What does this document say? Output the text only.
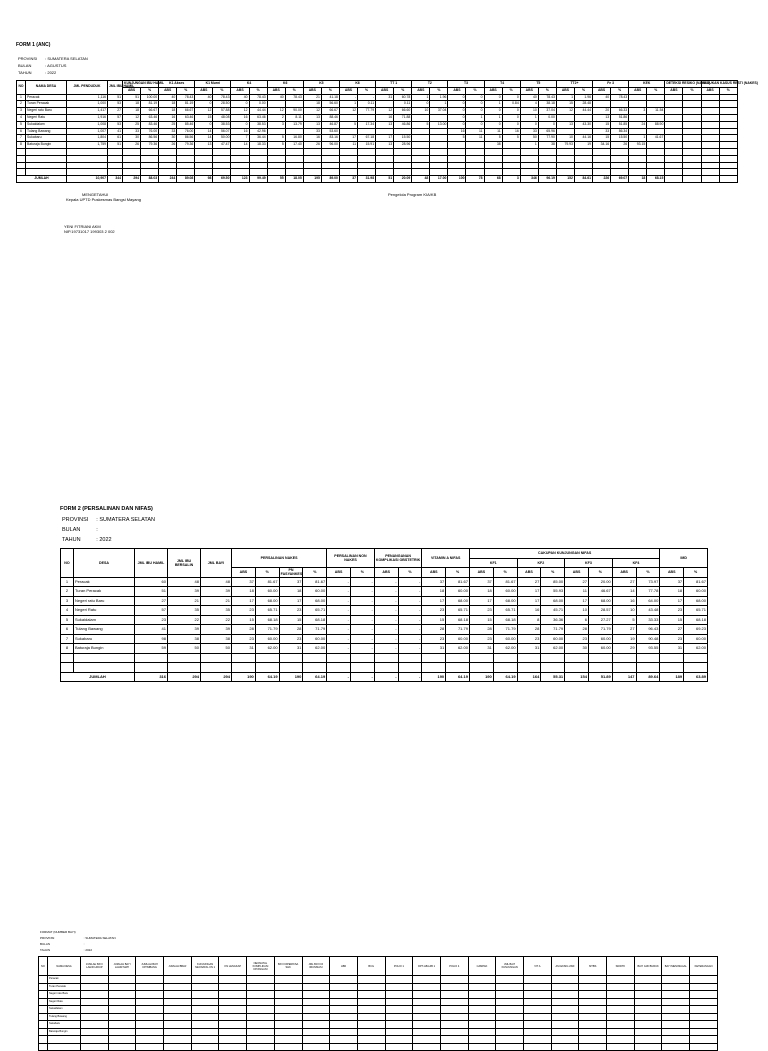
FORM 1 (ANC)
PROVINSI	: SUMATERA SELATAN
BULAN	: AGUSTUS
TAHUN	: 2022
NO	NAMA DESA	JML PENDUDUK	JML IBU HAMIL	KUNJUNGAN IBU HAMIL		K1 Akses		K1 Murni		K4		K6		K5		K6		TT 1		T2		T3		T4		T5		TT2+		Fe 3		KEK		DETEKSI RESIKO (NAKES)		RUJUKAN KASUS RESTI (NAKES)	
				ABS	%	ABS	%	ABS	%	ABS	%	ABS	%	ABS	%	ABS	%	ABS	%	ABS	%	ABS	%	ABS	%	ABS	%	ABS	%	ABS	%	ABS	%	ABS	%	ABS	%
1	Peracak	1,116	51	51	100.00	40	78.43	40	78.43	40	78.43	40	78.43	21	41.18	-	-	31	60.78	1	1.96	0	0	0	0	40	78.43	1	1.96	40	78.43						
2	Turan Peracak	1,000	53	18	81.19	18	81.19	0	28.50	0	0.00			18	56.60	1	0.11		0.11	0	1	0	0	1	0.84	4	38.18	15	28.48								
3	Negeri ratu Baru	1,417	27	18	66.67	18	66.67	12	57.88	12	44.44	12	90.00	12	66.67	12	77.79	12	66.60	10	37.04	0	0	0	0	10	37.04	12	44.44	20	66.33	3	11.54				
4	Negeri Ratu	1,916	57	12	63.46	16	63.46	15	48.08	16	63.46	2	8.11	13	88.46			16	71.88			0	1	1	0	1	0.00			13	51.86						
5	Sukaidalam	1,008	53	25	83.46	25	85.46	0	38.53	0	38.53	3	13.79	13	46.87	5	17.34	13	46.86	5	13.00	0	0	0	0	0	0	13	43.30	15	51.85	24	88.90				
6	Tulang Bawang	1,007	41	33	76.00	33	76.00	14	56.07	16	42.96			33	53.60							16	11	11	16	33	65.96			33	86.34						
7	Sukabaru	1,804	61	30	86.56	30	86.56	14	50.00	7	36.44	5	16.80	16	83.16	17	67.18	17	15.50			5	11	5	5	50	77.90	10	44.16	15	15.50	1	41.67				
8	Baturaja Bungin	1,759	51	26	79.36	26	79.36	13	47.47	14	18.33	5	17.40	26	96.00	11	15.91	13	28.96					38		1	38	79.93	19	34.16	26	93.15					

JUMLAH		10,907	344	294	88.03	244	89.08	98	69.50	123	99.49	55	18.05	195	89.00	37	31.98	51	20.09	48	17.00	100	78	68	3	346	96.19	152	84.61	226	69.07	18	68.15				
MENGETAHUI
Kepala UPTD Puskesmas Bangsi Mayang
Pengelola Program KIA/KB
YENI FITRIANI AKM
NIP.19731017 199303 2 002
FORM 2 (PERSALINAN DAN NIFAS)
PROVINSI	: SUMATERA SELATAN
BULAN	:
TAHUN	: 2022
NO	DESA	JML IBU HAMIL	JML IBU BERSALIN	JML BAYI	PERSALINAN NAKES				PERSALINAN NON NAKES		PENANGANAN KOMPLIKASI OBSTETRIK		VITAMIN A NIFAS		CAKUPAN KUNJUNGAN NIFAS								IMD	
															KF1		KF2		KF3		KF4			
					ABS	%	PN FASYANKES	%	ABS	%	ABS	%	ABS	%	ABS	%	ABS	%	ABS	%	ABS	%	ABS	%
1	Peracak	60	48	48	37	81.67	37	81.67	-	-	-	-	37	81.67	37	81.67	27	85.00	27	20.00	27	73.97	37	81.67
2	Turan Peracak	51	39	39	18	60.00	18	60.00	-	-	-	-	18	60.00	18	60.00	17	55.93	11	46.67	14	77.78	18	60.00
3	Negeri ratu Baru	27	21	21	17	68.00	17	68.00	-	-	-	-	17	68.00	17	68.00	17	68.00	17	68.00	16	64.00	17	68.00
4	Negeri Ratu	57	35	35	23	65.71	23	65.71	-	-	-	-	23	65.71	23	65.71	16	45.71	10	28.57	10	43.48	23	65.71
5	Sukaidalam	23	22	22	15	68.18	15	68.18	-	-	-	-	15	68.18	15	68.18	8	36.36	6	27.27	5	33.33	15	68.18
6	Tulang Bawang	41	39	39	28	71.79	28	71.79	-	-	-	-	28	71.79	28	71.79	28	71.79	28	71.79	27	96.43	27	69.23
7	Sukabaru	98	38	38	23	60.00	23	60.00	-	-	-	-	23	60.00	23	60.00	23	60.00	23	60.00	19	90.48	23	60.00
8	Baturaja Bungin	59	50	50	31	62.00	31	62.00	-	-	-	-	31	62.00	31	62.00	31	62.00	30	60.00	29	93.55	31	62.00

JUMLAH		316	294	294	190	64.19	190	64.19	-	-	-	-	190	64.19	190	64.19	164	55.31	154	51.89	147	89.64	189	63.89
FORMAT (NUMBER BAYI)	
PROVINSI	: SUMATERA SELATAN
BULAN	:
TAHUN	: 2022
NO	NAMA DESA	JUMLAH BAYI LAHIR HIDUP	JUMLAH BAYI LAHIR MATI	JUMLAH BAYI DITIMBANG	JUMLAH BBLR	KUNJUNGAN NEONATAL KN 1	KN LENGKAP	NEONATAL KOMPLIKASI DITANGANI	BAYI DIPERIKSA SHK	JML BAYI DI IMUNISASI	HB0	BCG	POLIO 1	DPT-HB-HIB 1	POLIO 4	CAMPAK	JML BAYI KUNJUNGAN	VIT A	ASI EKSKLUSIF	MTBS	SDIDTK	BAYI GIZI BURUK	BAYI MENINGGAL	KETERANGAN
	Peracak																							
	Turan Peracak																							
	Negeri ratu Baru																							
	Negeri Ratu																							
	Sukaidalam																							
	Tulang Bawang																							
	Sukabaru																							
	Baturaja Bungin																							
